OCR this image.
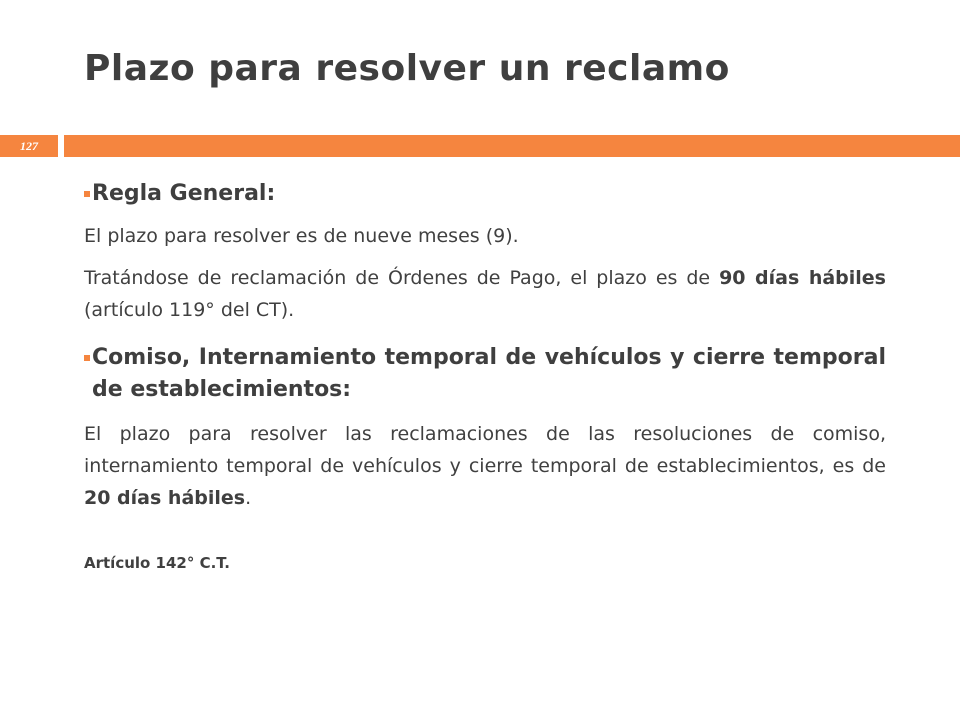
Plazo para resolver un reclamo
127
Regla General:
El plazo para resolver es de nueve meses (9).
Tratándose de reclamación de Órdenes de Pago, el plazo es de 90 días hábiles (artículo 119° del CT).
Comiso, Internamiento temporal de vehículos y cierre temporal de establecimientos:
El plazo para resolver las reclamaciones de las resoluciones de comiso, internamiento temporal de vehículos y cierre temporal de establecimientos, es de 20 días hábiles.
Artículo 142° C.T.
